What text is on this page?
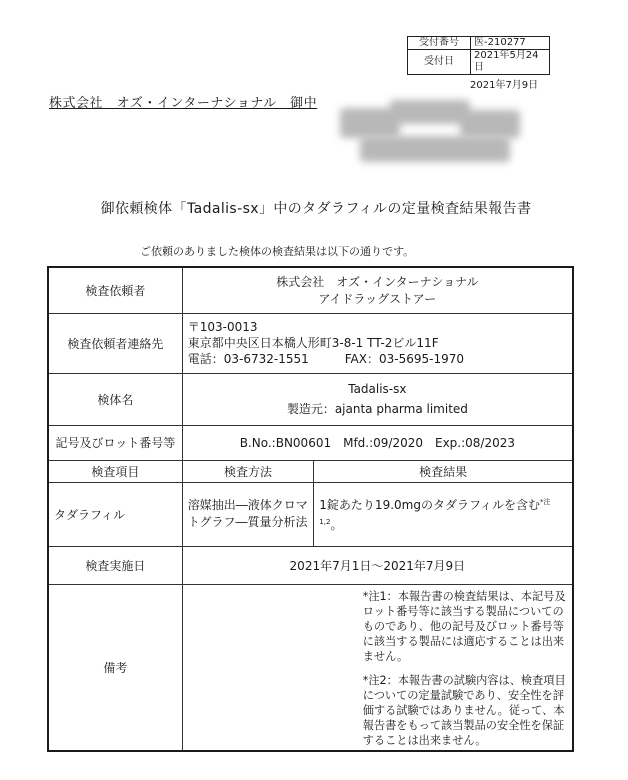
受付番号	医-210277
受付日	2021年5月24日
2021年7月9日
株式会社　オズ・インターナショナル　御中
御依頼検体「Tadalis-sx」中のタダラフィルの定量検査結果報告書
ご依頼のありました検体の検査結果は以下の通りです。
検査依頼者	株式会社　オズ・インターナショナル
アイドラッグストアー	

検査依頼者連絡先	〒103-0013
東京都中央区日本橋人形町3-8-1 TT-2ビル11F
電話：03-6732-1551　　　FAX：03-5695-1970	

検体名	Tadalis-sx
製造元：ajanta pharma limited	

記号及びロット番号等	B.No.:BN00601　Mfd.:09/2020　Exp.:08/2023	
検査項目	検査方法	検査結果
タダラフィル	溶媒抽出―液体クロマトグラフ―質量分析法	1錠あたり19.0mgのタダラフィルを含む$^{*注1,2}$。
検査実施日	2021年7月1日～2021年7月9日	
備考	*注1：本報告書の検査結果は、本記号及ロット番号等に該当する製品についてのものであり、他の記号及びロット番号等に該当する製品には適応することは出来ません。
*注2：本報告書の試験内容は、検査項目についての定量試験であり、安全性を評価する試験ではありません。従って、本報告書をもって該当製品の安全性を保証することは出来ません。	
